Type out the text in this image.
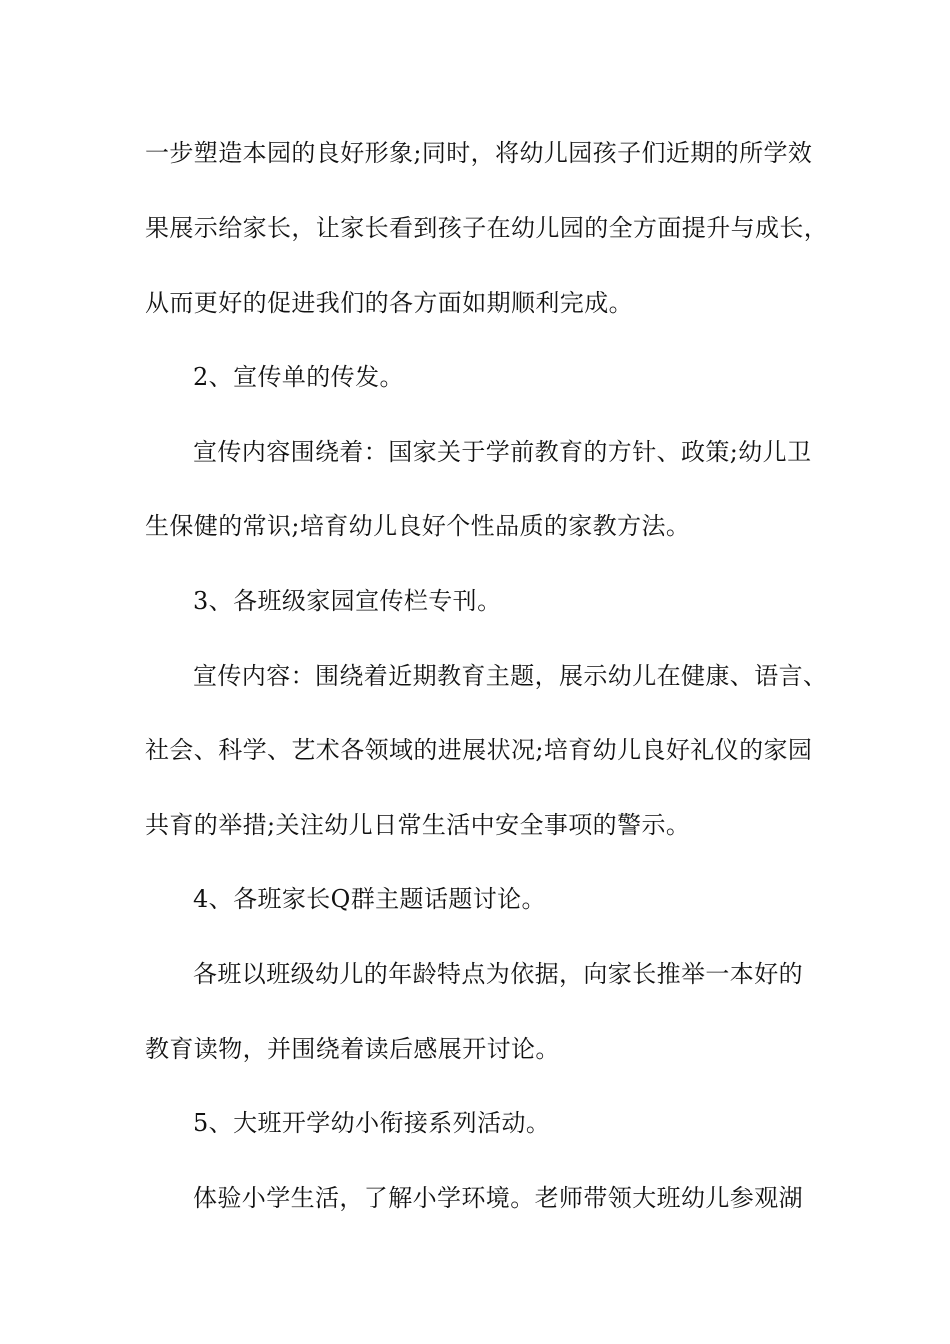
一步塑造本园的良好形象;同时，将幼儿园孩子们近期的所学效
果展示给家长，让家长看到孩子在幼儿园的全方面提升与成长，
从而更好的促进我们的各方面如期顺利完成。
2、宣传单的传发。
宣传内容围绕着：国家关于学前教育的方针、政策;幼儿卫
生保健的常识;培育幼儿良好个性品质的家教方法。
3、各班级家园宣传栏专刊。
宣传内容：围绕着近期教育主题，展示幼儿在健康、语言、
社会、科学、艺术各领域的进展状况;培育幼儿良好礼仪的家园
共育的举措;关注幼儿日常生活中安全事项的警示。
4、各班家长Q群主题话题讨论。
各班以班级幼儿的年龄特点为依据，向家长推举一本好的
教育读物，并围绕着读后感展开讨论。
5、大班开学幼小衔接系列活动。
体验小学生活，了解小学环境。老师带领大班幼儿参观湖
